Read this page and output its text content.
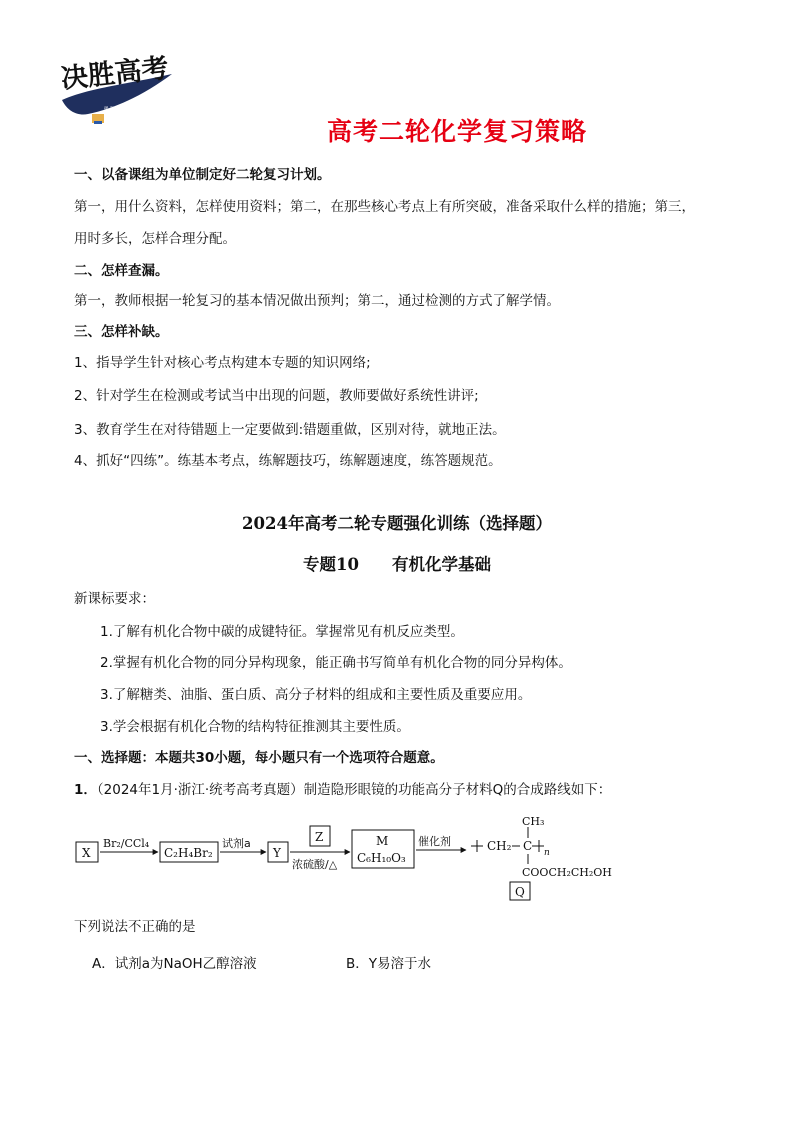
决胜高考
揭 秘 考 题 · 掌 握 方 法
高考二轮化学复习策略
一、以备课组为单位制定好二轮复习计划。
第一，用什么资料，怎样使用资料；第二，在那些核心考点上有所突破，准备采取什么样的措施；第三，
用时多长，怎样合理分配。
二、怎样查漏。
第一，教师根据一轮复习的基本情况做出预判；第二，通过检测的方式了解学情。
三、怎样补缺。
1、指导学生针对核心考点构建本专题的知识网络;
2、针对学生在检测或考试当中出现的问题，教师要做好系统性讲评;
3、教育学生在对待错题上一定要做到:错题重做，区别对待，就地正法。
4、抓好“四练”。练基本考点，练解题技巧，练解题速度，练答题规范。
2024年高考二轮专题强化训练（选择题）
专题10　　有机化学基础
新课标要求：
1.了解有机化合物中碳的成键特征。掌握常见有机反应类型。
2.掌握有机化合物的同分异构现象，能正确书写简单有机化合物的同分异构体。
3.了解糖类、油脂、蛋白质、高分子材料的组成和主要性质及重要应用。
3.学会根据有机化合物的结构特征推测其主要性质。
一、选择题：本题共30小题，每小题只有一个选项符合题意。
1．（2024年1月·浙江·统考高考真题）制造隐形眼镜的功能高分子材料Q的合成路线如下：
X
Br₂/CCl₄
C₂H₄Br₂
试剂a
Y
Z
浓硫酸/△
M
C₆H₁₀O₃
催化剂	CH₂ C n
CH₃
COOCH₂CH₂OH
Q
下列说法不正确的是
A．试剂a为NaOH乙醇溶液	B．Y易溶于水
